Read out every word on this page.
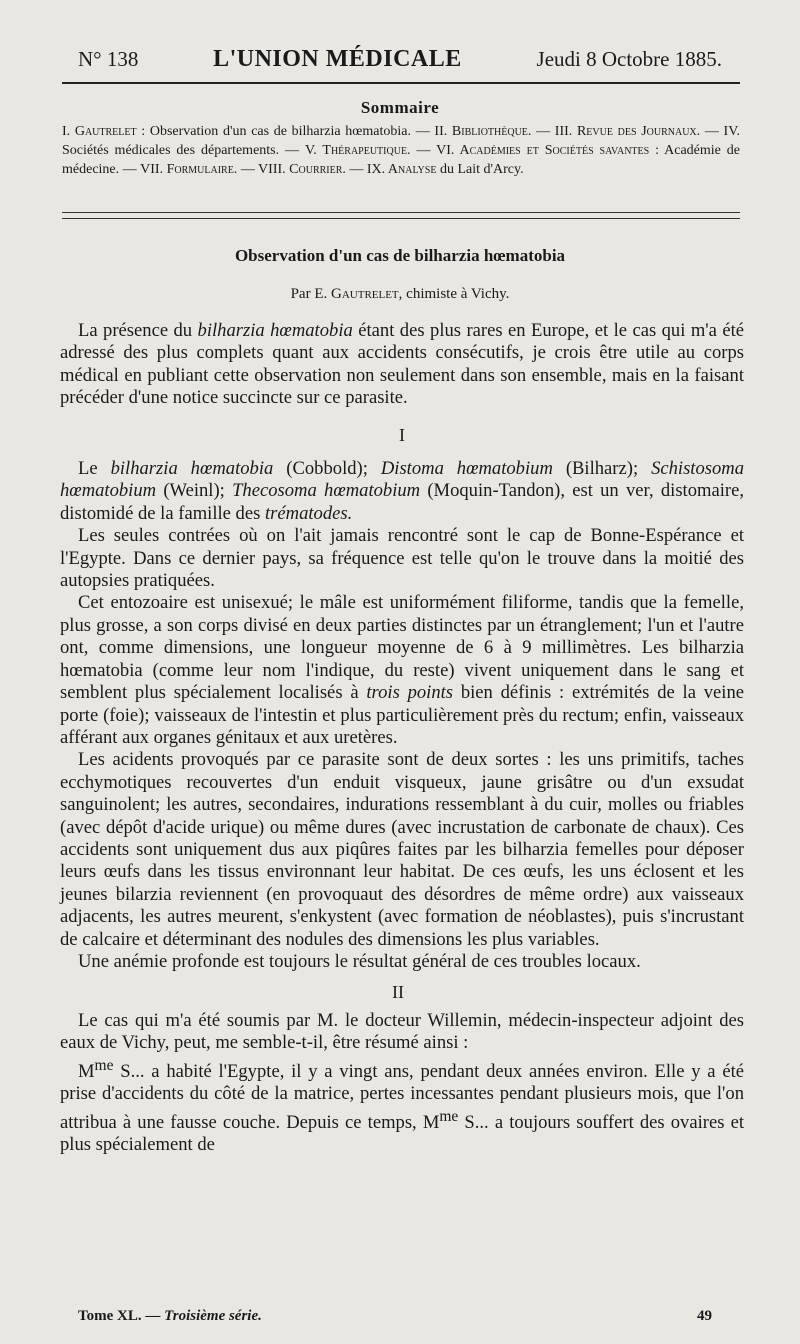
N° 138	L'UNION MÉDICALE	Jeudi 8 Octobre 1885.
Sommaire
I. Gautrelet : Observation d'un cas de bilharzia hœmatobia. — II. Bibliothèque. — III. Revue des Journaux. — IV. Sociétés médicales des départements. — V. Thérapeutique. — VI. Académies et Sociétés savantes : Académie de médecine. — VII. Formulaire. — VIII. Courrier. — IX. Analyse du Lait d'Arcy.
Observation d'un cas de bilharzia hœmatobia
Par E. Gautrelet, chimiste à Vichy.

La présence du bilharzia hœmatobia étant des plus rares en Europe, et le cas qui m'a été adressé des plus complets quant aux accidents consécutifs, je crois être utile au corps médical en publiant cette observation non seulement dans son ensemble, mais en la faisant précéder d'une notice succincte sur ce parasite.

I

Le bilharzia hœmatobia (Cobbold); Distoma hœmatobium (Bilharz); Schistosoma hœmatobium (Weinl); Thecosoma hœmatobium (Moquin-Tandon), est un ver, distomaire, distomidé de la famille des trématodes.

Les seules contrées où on l'ait jamais rencontré sont le cap de Bonne-Espérance et l'Egypte. Dans ce dernier pays, sa fréquence est telle qu'on le trouve dans la moitié des autopsies pratiquées.

Cet entozoaire est unisexué; le mâle est uniformément filiforme, tandis que la femelle, plus grosse, a son corps divisé en deux parties distinctes par un étranglement; l'un et l'autre ont, comme dimensions, une longueur moyenne de 6 à 9 millimètres. Les bilharzia hœmatobia (comme leur nom l'indique, du reste) vivent uniquement dans le sang et semblent plus spécialement localisés à trois points bien définis : extrémités de la veine porte (foie); vaisseaux de l'intestin et plus particulièrement près du rectum; enfin, vaisseaux afférant aux organes génitaux et aux uretères.

Les acidents provoqués par ce parasite sont de deux sortes : les uns primitifs, taches ecchymotiques recouvertes d'un enduit visqueux, jaune grisâtre ou d'un exsudat sanguinolent; les autres, secondaires, indurations ressemblant à du cuir, molles ou friables (avec dépôt d'acide urique) ou même dures (avec incrustation de carbonate de chaux). Ces accidents sont uniquement dus aux piqûres faites par les bilharzia femelles pour déposer leurs œufs dans les tissus environnant leur habitat. De ces œufs, les uns éclosent et les jeunes bilarzia reviennent (en provoquaut des désordres de même ordre) aux vaisseaux adjacents, les autres meurent, s'enkystent (avec formation de néoblastes), puis s'incrustant de calcaire et déterminant des nodules des dimensions les plus variables.

Une anémie profonde est toujours le résultat général de ces troubles locaux.

II

Le cas qui m'a été soumis par M. le docteur Willemin, médecin-inspecteur adjoint des eaux de Vichy, peut, me semble-t-il, être résumé ainsi :

$M^{me}$ S... a habité l'Egypte, il y a vingt ans, pendant deux années environ. Elle y a été prise d'accidents du côté de la matrice, pertes incessantes pendant plusieurs mois, que l'on attribua à une fausse couche. Depuis ce temps, $M^{me}$ S... a toujours souffert des ovaires et plus spécialement de

Tome XL. — Troisième série.	49
